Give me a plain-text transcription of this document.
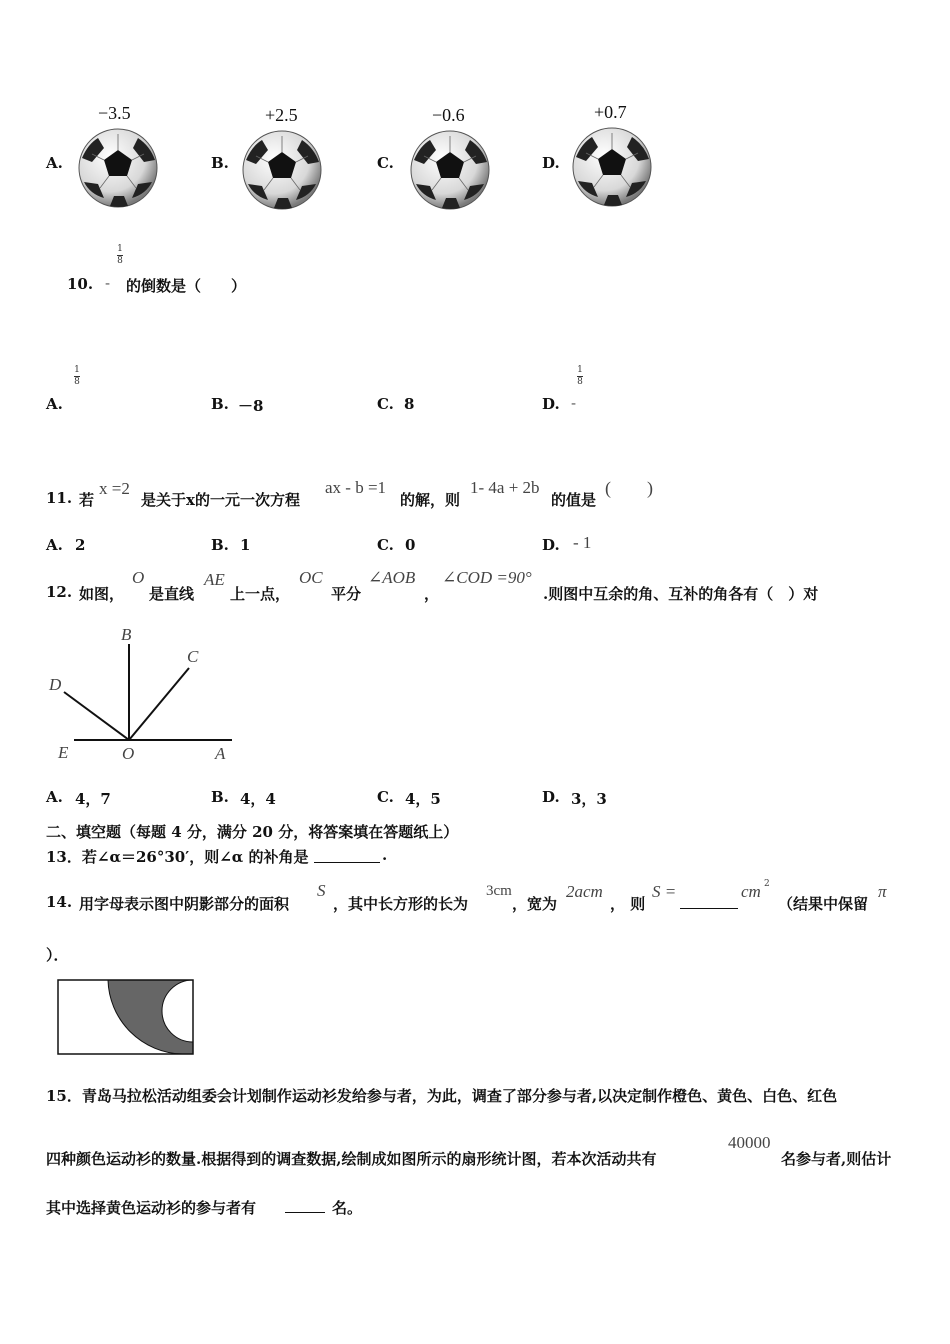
A.
−3.5
B.
+2.5
C.
−0.6
D.
+0.7
10. -
1
8
的倒数是（　　）
A.
1
8
B. －8	C. 8	D. -
1
8
11. 若
x =2
是关于x的一元一次方程
ax - b =1
的解，则
1- 4a + 2b
的值是
(　　)
A. 2	B. 1	C. 0	D. - 1
12. 如图，
O
是直线
AE
上一点，
OC
平分
∠AOB
，
∠COD =90°
.则图中互余的角、互补的角各有（　）对
B
C
D
E	O	A
A. 4，7	B. 4，4	C. 4，5	D. 3，3
二、填空题（每题 4 分，满分 20 分，将答案填在答题纸上）
13．若∠α＝26°30′，则∠α 的补角是	.
14. 用字母表示图中阴影部分的面积
S
，其中长方形的长为
3cm
，宽为
2acm
， 则
S =	cm 2
（结果中保留
π
）．
15．青岛马拉松活动组委会计划制作运动衫发给参与者，为此，调查了部分参与者,以决定制作橙色、黄色、白色、红色
四种颜色运动衫的数量.根据得到的调查数据,绘制成如图所示的扇形统计图，若本次活动共有
40000
名参与者,则估计
其中选择黄色运动衫的参与者有	名。
